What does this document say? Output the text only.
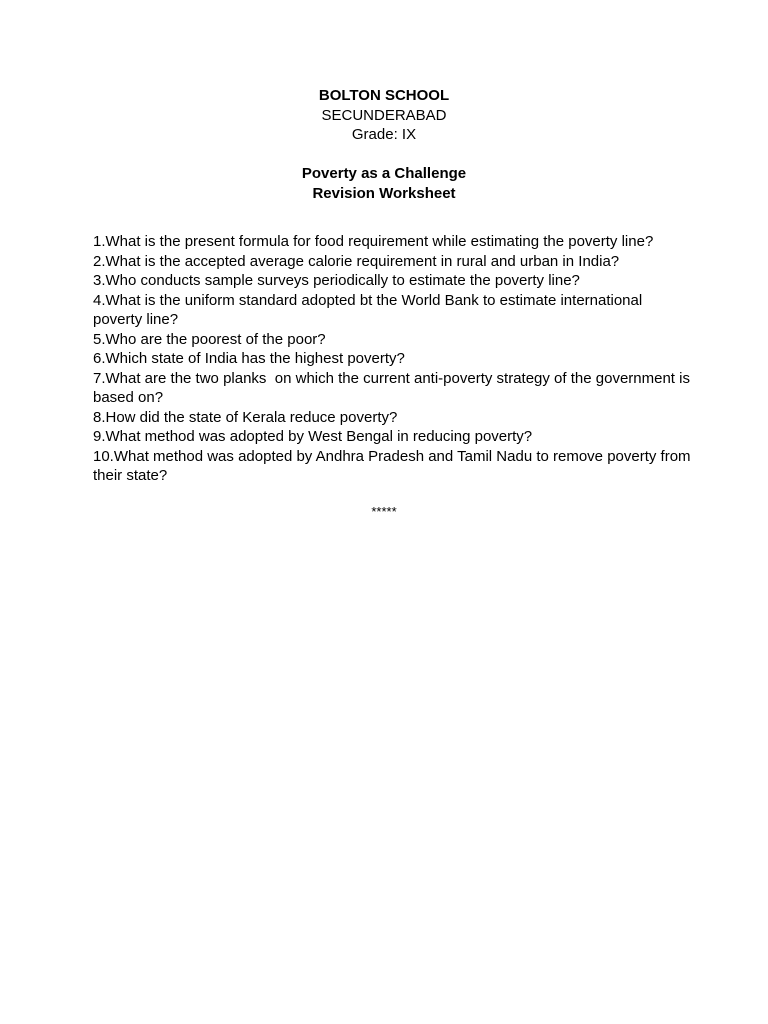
BOLTON SCHOOL

SECUNDERABAD

Grade: IX

Poverty as a Challenge

Revision Worksheet

1.What is the present formula for food requirement while estimating the poverty line?
2.What is the accepted average calorie requirement in rural and urban in India?
3.Who conducts sample surveys periodically to estimate the poverty line?
4.What is the uniform standard adopted bt the World Bank to estimate international poverty line?
5.Who are the poorest of the poor?
6.Which state of India has the highest poverty?
7.What are the two planks  on which the current anti-poverty strategy of the government is based on?
8.How did the state of Kerala reduce poverty?
9.What method was adopted by West Bengal in reducing poverty?
10.What method was adopted by Andhra Pradesh and Tamil Nadu to remove poverty from their state?
*****
